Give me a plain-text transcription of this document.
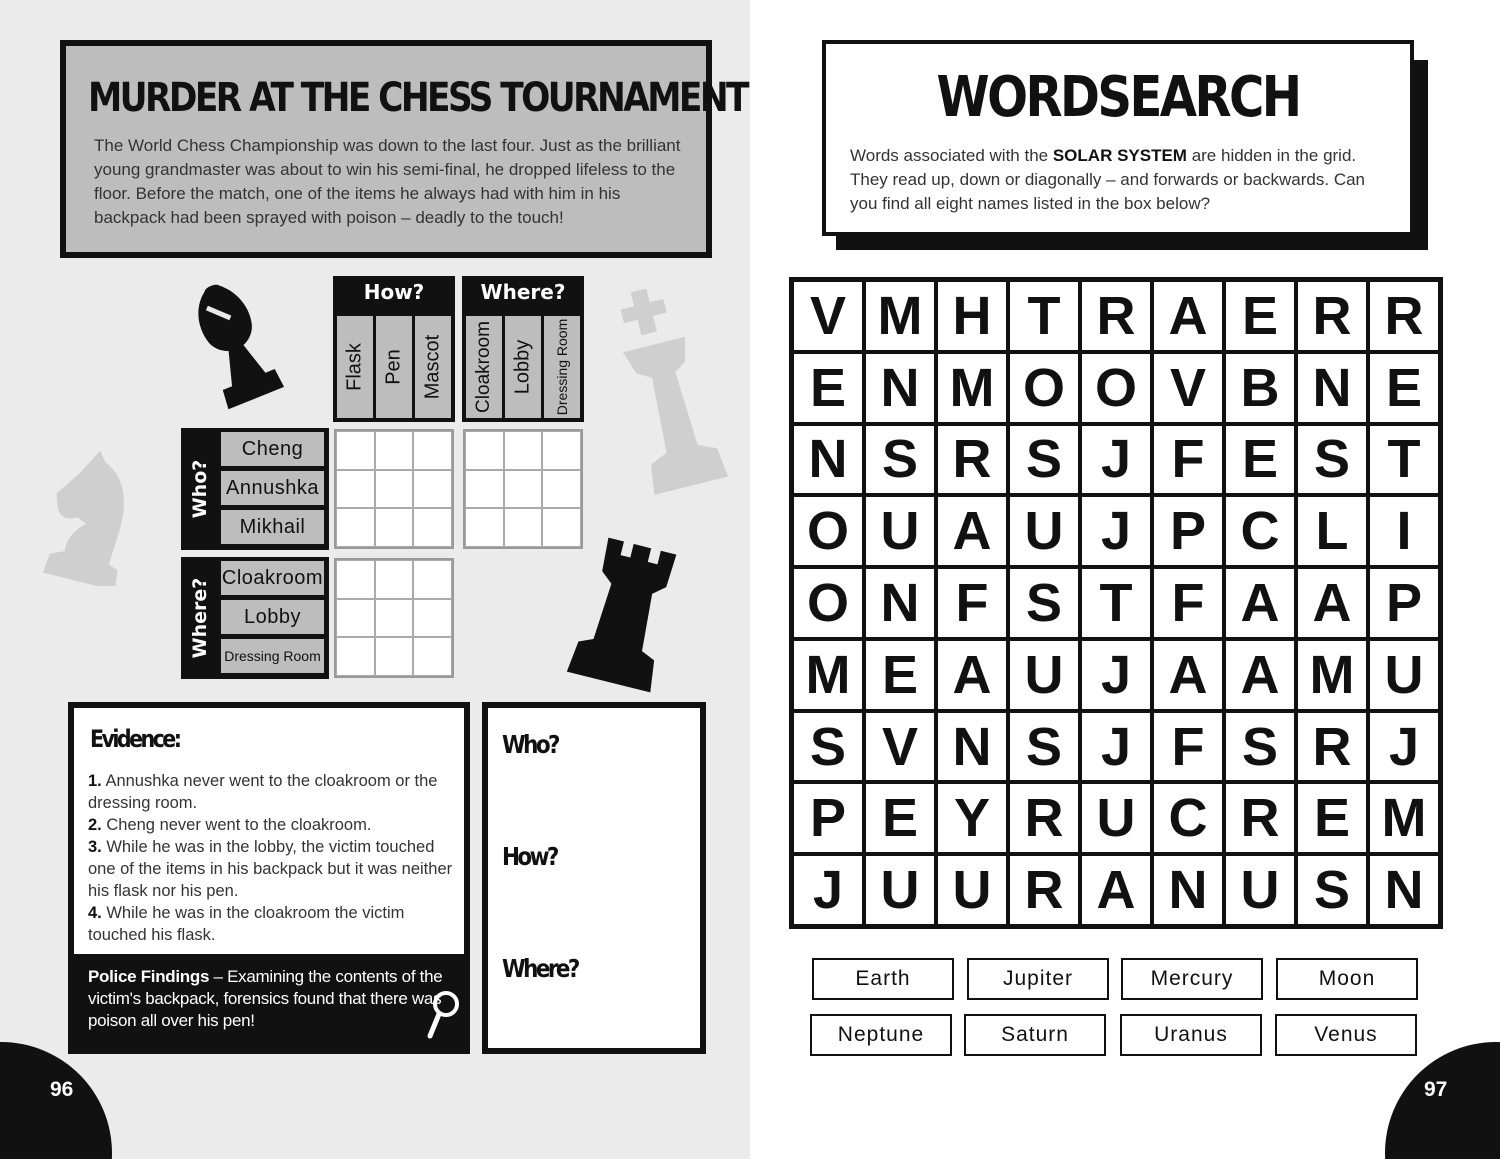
MURDER AT THE CHESS TOURNAMENT
The World Chess Championship was down to the last four. Just as the brilliant young grandmaster was about to win his semi-final, he dropped lifeless to the floor. Before the match, one of the items he always had with him in his backpack had been sprayed with poison – deadly to the touch!
How?
Flask Pen Mascot
Where?
Cloakroom Lobby Dressing Room
Who?
Cheng
Annushka
Mikhail
Where?
Cloakroom
Lobby
Dressing Room
Evidence:
1. Annushka never went to the cloakroom or the dressing room.
2. Cheng never went to the cloakroom.
3. While he was in the lobby, the victim touched one of the items in his backpack but it was neither his flask nor his pen.
4. While he was in the cloakroom the victim touched his flask.
Police Findings – Examining the contents of the victim's backpack, forensics found that there was poison all over his pen!
Who?
How?
Where?
96
WORDSEARCH
Words associated with the SOLAR SYSTEM are hidden in the grid. They read up, down or diagonally – and forwards or backwards. Can you find all eight names listed in the box below?
V M H T R A E R R
E N M O O V B N E
N S R S J F E S T
O U A U J P C L I
O N F S T F A A P
M E A U J A A M U
S V N S J F S R J
P E Y R U C R E M
J U U R A N U S N
Earth	Jupiter	Mercury	Moon
Neptune	Saturn	Uranus	Venus
97
